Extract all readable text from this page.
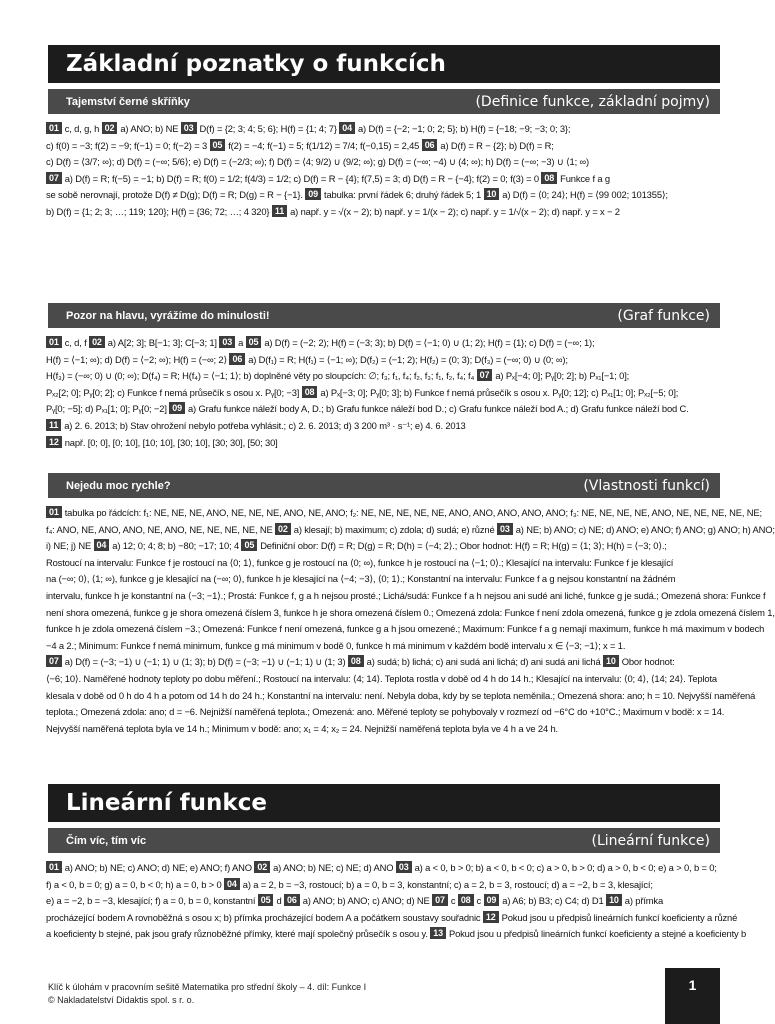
Základní poznatky o funkcích
Tajemství černé skříňky	(Definice funkce, základní pojmy)
01 c, d, g, h 02 a) ANO; b) NE 03 D(f) = {2; 3; 4; 5; 6}; H(f) = {1; 4; 7} 04 a) D(f) = {−2; −1; 0; 2; 5}; b) H(f) = {−18; −9; −3; 0; 3};
c) f(0) = −3; f(2) = −9; f(−1) = 0; f(−2) = 3 05 f(2) = −4; f(−1) = 5; f(1/12) = 7/4; f(−0,15) = 2,45 06 a) D(f) = R − {2}; b) D(f) = R;
c) D(f) = ⟨3/7; ∞); d) D(f) = (−∞; 5/6⟩; e) D(f) = (−2/3; ∞); f) D(f) = ⟨4; 9/2) ∪ (9/2; ∞); g) D(f) = (−∞; −4) ∪ (4; ∞); h) D(f) = (−∞; −3) ∪ ⟨1; ∞)
07 a) D(f) = R; f(−5) = −1; b) D(f) = R; f(0) = 1/2; f(4/3) = 1/2; c) D(f) = R − {4}; f(7,5) = 3; d) D(f) = R − {−4}; f(2) = 0; f(3) = 0 08 Funkce f a g
se sobě nerovnají, protože D(f) ≠ D(g); D(f) = R; D(g) = R − {−1}. 09 tabulka: první řádek 6; druhý řádek 5; 1 10 a) D(f) = ⟨0; 24⟩; H(f) = ⟨99 002; 101355⟩;
b) D(f) = {1; 2; 3; …; 119; 120}; H(f) = {36; 72; …; 4 320} 11 a) např. y = √(x − 2); b) např. y = 1/(x − 2); c) např. y = 1/√(x − 2); d) např. y = x − 2
Pozor na hlavu, vyrážíme do minulosti!	(Graf funkce)
01 c, d, f 02 a) A[2; 3]; B[−1; 3]; C[−3; 1] 03 a 05 a) D(f) = (−2; 2); H(f) = (−3; 3); b) D(f) = ⟨−1; 0) ∪ (1; 2); H(f) = {1}; c) D(f) = (−∞; 1);
H(f) = ⟨−1; ∞); d) D(f) = ⟨−2; ∞); H(f) = (−∞; 2⟩ 06 a) D(f₁) = R; H(f₁) = ⟨−1; ∞); D(f₂) = (−1; 2); H(f₂) = (0; 3); D(f₃) = (−∞; 0) ∪ (0; ∞);
H(f₃) = (−∞; 0) ∪ (0; ∞); D(f₄) = R; H(f₄) = ⟨−1; 1⟩; b) doplněné věty po sloupcích: ∅; f₃; f₁, f₄; f₂, f₃; f₁, f₂, f₄; f₄ 07 a) Pₓ[−4; 0]; Pᵧ[0; 2]; b) Pₓ₁[−1; 0];
Pₓ₂[2; 0]; Pᵧ[0; 2]; c) Funkce f nemá průsečík s osou x. Pᵧ[0; −3] 08 a) Pₓ[−3; 0]; Pᵧ[0; 3]; b) Funkce f nemá průsečík s osou x. Pᵧ[0; 12]; c) Pₓ₁[1; 0]; Pₓ₂[−5; 0];
Pᵧ[0; −5]; d) Pₓ₁[1; 0]; Pᵧ[0; −2] 09 a) Grafu funkce náleží body A, D.; b) Grafu funkce náleží bod D.; c) Grafu funkce náleží bod A.; d) Grafu funkce náleží bod C.
11 a) 2. 6. 2013; b) Stav ohrožení nebylo potřeba vyhlásit.; c) 2. 6. 2013; d) 3 200 m³ · s⁻¹; e) 4. 6. 2013
12 např. [0; 0], [0; 10], [10; 10], [30; 10], [30; 30], [50; 30]
Nejedu moc rychle?	(Vlastnosti funkcí)
01 tabulka po řádcích: f₁: NE, NE, NE, ANO, NE, NE, NE, ANO, NE, ANO; f₂: NE, NE, NE, NE, NE, ANO, ANO, ANO, ANO, ANO; f₃: NE, NE, NE, NE, ANO, NE, NE, NE, NE, NE;
f₄: ANO, NE, ANO, ANO, NE, ANO, NE, NE, NE, NE, NE 02 a) klesají; b) maximum; c) zdola; d) sudá; e) různé 03 a) NE; b) ANO; c) NE; d) ANO; e) ANO; f) ANO; g) ANO; h) ANO;
i) NE; j) NE 04 a) 12; 0; 4; 8; b) −80; −17; 10; 4 05 Definiční obor: D(f) = R; D(g) = R; D(h) = ⟨−4; 2⟩.; Obor hodnot: H(f) = R; H(g) = ⟨1; 3⟩; H(h) = ⟨−3; 0⟩.;
Rostoucí na intervalu: Funkce f je rostoucí na ⟨0; 1⟩, funkce g je rostoucí na ⟨0; ∞), funkce h je rostoucí na ⟨−1; 0⟩.; Klesající na intervalu: Funkce f je klesající
na (−∞; 0⟩, ⟨1; ∞), funkce g je klesající na (−∞; 0⟩, funkce h je klesající na ⟨−4; −3⟩, ⟨0; 1⟩.; Konstantní na intervalu: Funkce f a g nejsou konstantní na žádném
intervalu, funkce h je konstantní na ⟨−3; −1⟩.; Prostá: Funkce f, g a h nejsou prosté.; Lichá/sudá: Funkce f a h nejsou ani sudé ani liché, funkce g je sudá.; Omezená shora: Funkce f
není shora omezená, funkce g je shora omezená číslem 3, funkce h je shora omezená číslem 0.; Omezená zdola: Funkce f není zdola omezená, funkce g je zdola omezená číslem 1,
funkce h je zdola omezená číslem −3.; Omezená: Funkce f není omezená, funkce g a h jsou omezené.; Maximum: Funkce f a g nemají maximum, funkce h má maximum v bodech
−4 a 2.; Minimum: Funkce f nemá minimum, funkce g má minimum v bodě 0, funkce h má minimum v každém bodě intervalu x ∈ ⟨−3; −1⟩; x = 1.
07 a) D(f) = (−3; −1) ∪ (−1; 1) ∪ (1; 3); b) D(f) = (−3; −1) ∪ (−1; 1) ∪ (1; 3) 08 a) sudá; b) lichá; c) ani sudá ani lichá; d) ani sudá ani lichá 10 Obor hodnot:
⟨−6; 10⟩. Naměřené hodnoty teploty po dobu měření.; Rostoucí na intervalu: ⟨4; 14⟩. Teplota rostla v době od 4 h do 14 h.; Klesající na intervalu: ⟨0; 4⟩, ⟨14; 24⟩. Teplota
klesala v době od 0 h do 4 h a potom od 14 h do 24 h.; Konstantní na intervalu: není. Nebyla doba, kdy by se teplota neměnila.; Omezená shora: ano; h = 10. Nejvyšší naměřená
teplota.; Omezená zdola: ano; d = −6. Nejnižší naměřená teplota.; Omezená: ano. Měřené teploty se pohybovaly v rozmezí od −6°C do +10°C.; Maximum v bodě: x = 14.
Nejvyšší naměřená teplota byla ve 14 h.; Minimum v bodě: ano; x₁ = 4; x₂ = 24. Nejnižší naměřená teplota byla ve 4 h a ve 24 h.
Lineární funkce
Čím víc, tím víc	(Lineární funkce)
01 a) ANO; b) NE; c) ANO; d) NE; e) ANO; f) ANO 02 a) ANO; b) NE; c) NE; d) ANO 03 a) a < 0, b > 0; b) a < 0, b < 0; c) a > 0, b > 0; d) a > 0, b < 0; e) a > 0, b = 0;
f) a < 0, b = 0; g) a = 0, b < 0; h) a = 0, b > 0 04 a) a = 2, b = −3, rostoucí; b) a = 0, b = 3, konstantní; c) a = 2, b = 3, rostoucí; d) a = −2, b = 3, klesající;
e) a = −2, b = −3, klesající; f) a = 0, b = 0, konstantní 05 d 06 a) ANO; b) ANO; c) ANO; d) NE 07 c 08 c 09 a) A6; b) B3; c) C4; d) D1 10 a) přímka
procházející bodem A rovnoběžná s osou x; b) přímka procházející bodem A a počátkem soustavy souřadnic 12 Pokud jsou u předpisů lineárních funkcí koeficienty a různé
a koeficienty b stejné, pak jsou grafy různoběžné přímky, které mají společný průsečík s osou y. 13 Pokud jsou u předpisů lineárních funkcí koeficienty a stejné a koeficienty b
Klíč k úlohám v pracovním sešitě Matematika pro střední školy – 4. díl: Funkce I
© Nakladatelství Didaktis spol. s r. o.
1
